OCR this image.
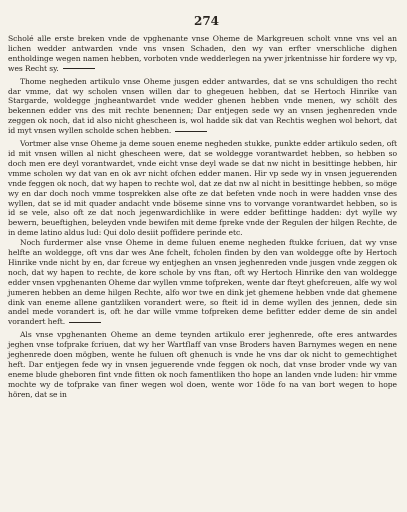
274

Scholé alle erste breken vnde de vpghenante vnse Oheme de Markgreuen scholt vnne vns vel an lichen wedder antwarden vnde vns vnsen Schaden, den wy van erfter vnerschliche dighen entholdinge wegen namen hebben, vorboten vnde wedderlegen na ywer jrkentnisse hir fordere wy vp, wes Recht sy.

Thome negheden artikulo vnse Oheme jusgen edder antwardes, dat se vns schuldigen tho recht dar vmme, dat wy scholen vnsen willen dar to ghegeuen hebben, dat se Hertoch Hinrike van Stargarde, woldegge jngheantwardet vnde wedder ghenen hebben vnde menen, wy schölt des bekennen edder vns des mit rechte benennen; Dar entjegen sede wy an vnsen jeghenreden vnde zeggen ok noch, dat id also nicht ghescheen is, wol hadde sik dat van Rechtis weghen wol behort, dat id myt vnsen wyllen scholde schen hebben.

Vortmer alse vnse Oheme ja deme souen eneme negheden stukke, punkte edder artikulo seden, oft id mit vnsen willen al nicht ghescheen were, dat se woldegge vorantwardet hebben, so hebben so doch men ere deyl vorantwardet, vnde eicht vnse deyl wade se dat nw nicht in besittinge hebben, hir vmme scholen wy dat van en ok avr nicht ofchen edder manen. Hir vp sede wy in vnsen jeguerenden vnde feggen ok noch, dat wy hapen to rechte wol, dat ze dat nw al nicht in besittinge hebben, so möge wy en dar doch noch vmme tosprekken alse ofte ze dat befeten vnde noch in were hadden vnse des wyllen, dat se id mit quader andacht vnde böseme sinne vns to vorvange vorantwardet hebben, so is id se vele, also oft ze dat noch jegenwardichlike in were edder befittinge hadden: dyt wylle wy bewern, beueftighen, beleyden vnde bewifen mit deme fpreke vnde der Regulen der hilgen Rechte, de in deme latino aldus lud: Qui dolo desiit poffidere perinde etc.

Noch furdermer alse vnse Oheme in deme fuluen eneme negheden ftukke fcriuen, dat wy vnse helfte an woldegge, oft vns dar wes Ane fchelt, fcholen finden by den van woldegge ofte by Hertoch Hinrike vnde nicht by en, dar fcreue wy entjeghen an vnsen jeghenreden vnde jusgen vnde zeggen ok noch, dat wy hapen to rechte, de kore schole by vns ftan, oft wy Hertoch Hinrike den van woldegge edder vnsen vpghenanten Oheme dar wyllen vmme tofpreken, wente dar fteyt ghefcreuen, alfe wy wol jumeren hebben an deme hilgen Rechte, alfo wor twe en dink jet ghemene hebben vnde dat ghemene dink van eneme allene gantzliken vorandert were, so fteit id in deme wyllen des jennen, dede sin andel mede vorandert is, oft he dar wille vmme tofpreken deme befitter edder deme de sin andel vorandert heft.

Als vnse vpghenanten Oheme an deme teynden artikulo erer jeghenrede, ofte eres antwardes jeghen vnse tofprake fcriuen, dat wy her Wartflaff van vnse Broders haven Barnymes wegen en nene jeghenrede doen mögben, wente he fuluen oft ghenuch is vnde he vns dar ok nicht to gemechtighet heft. Dar entjegen fede wy in vnsen jeguerende vnde feggen ok noch, dat vnse broder vnde wy van eneme blude gheboren fint vnde fitten ok noch famentliken tho hope an landen vnde luden: hir vmme mochte wy de tofprake van finer wegen wol doen, wente wor 1öde fo na van bort wegen to hope hören, dat se in
